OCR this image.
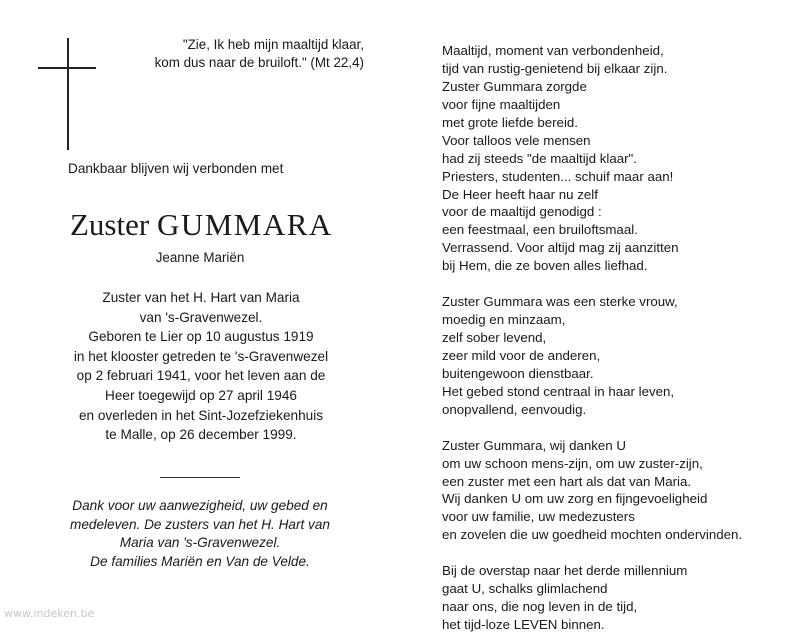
"Zie, Ik heb mijn maaltijd klaar,
kom dus naar de bruiloft." (Mt 22,4)
Dankbaar blijven wij verbonden met
Zuster GUMMARA
Jeanne Mariën
Zuster van het H. Hart van Maria
van 's-Gravenwezel.
Geboren te Lier op 10 augustus 1919
in het klooster getreden te 's-Gravenwezel
op 2 februari 1941, voor het leven aan de
Heer toegewijd op 27 april 1946
en overleden in het Sint-Jozefziekenhuis
te Malle, op 26 december 1999.
Dank voor uw aanwezigheid, uw gebed en
medeleven. De zusters van het H. Hart van
Maria van 's-Gravenwezel.
De families Mariën en Van de Velde.
Maaltijd, moment van verbondenheid,
tijd van rustig-genietend bij elkaar zijn.
Zuster Gummara zorgde
voor fijne maaltijden
met grote liefde bereid.
Voor talloos vele mensen
had zij steeds "de maaltijd klaar".
Priesters, studenten... schuif maar aan!
De Heer heeft haar nu zelf
voor de maaltijd genodigd :
een feestmaal, een bruiloftsmaal.
Verrassend. Voor altijd mag zij aanzitten
bij Hem, die ze boven alles liefhad.
Zuster Gummara was een sterke vrouw,
moedig en minzaam,
zelf sober levend,
zeer mild voor de anderen,
buitengewoon dienstbaar.
Het gebed stond centraal in haar leven,
onopvallend, eenvoudig.
Zuster Gummara, wij danken U
om uw schoon mens-zijn, om uw zuster-zijn,
een zuster met een hart als dat van Maria.
Wij danken U om uw zorg en fijngevoeligheid
voor uw familie, uw medezusters
en zovelen die uw goedheid mochten ondervinden.
Bij de overstap naar het derde millennium
gaat U, schalks glimlachend
naar ons, die nog leven in de tijd,
het tijd-loze LEVEN binnen.
www.indeken.be
